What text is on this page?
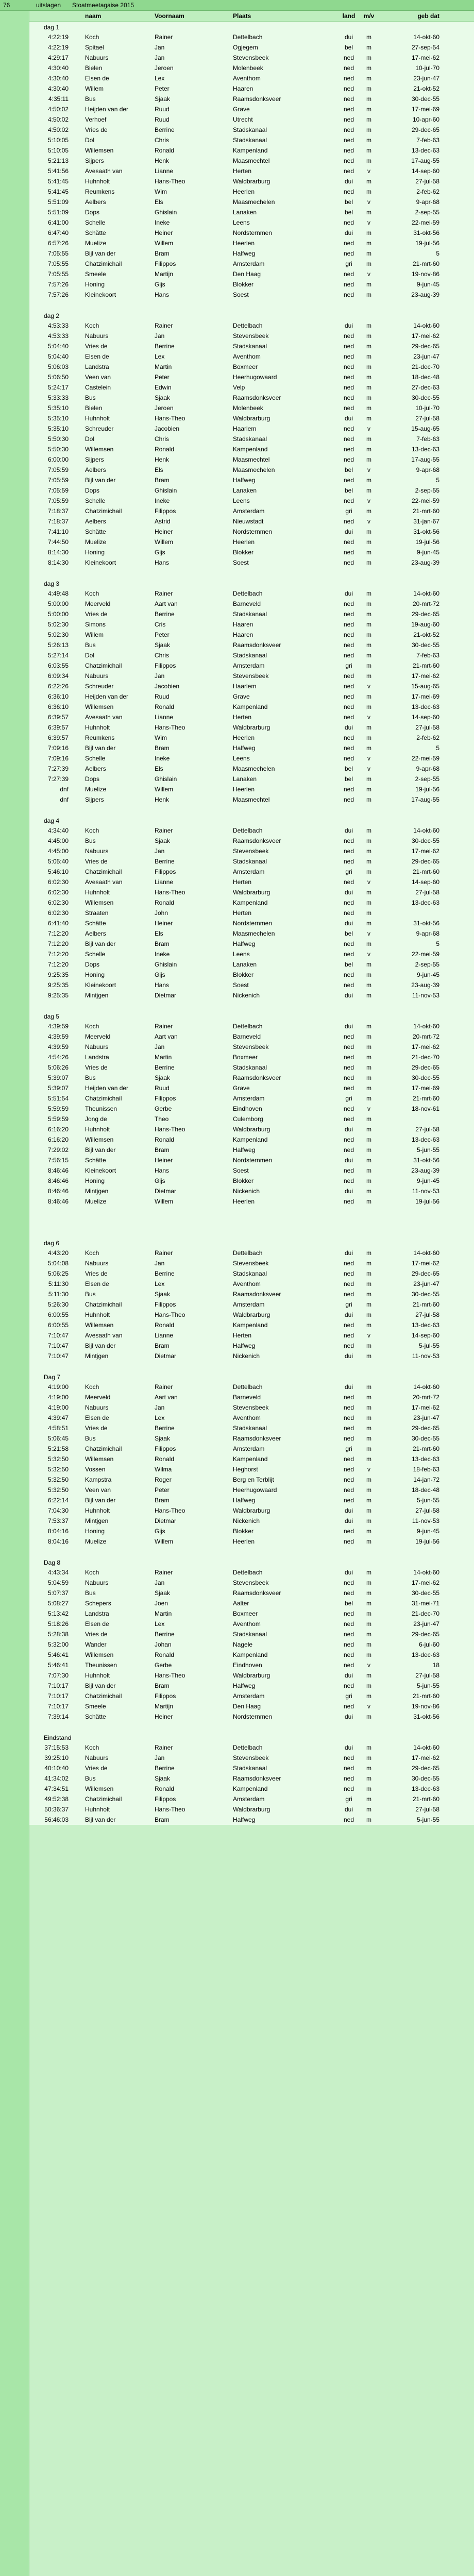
76	uitslagen Stoatmeetagaise 2015
naam	Voornaam	Plaats	land	m/v	geb dat
dag 1
4:22:19	Koch	Rainer	Dettelbach	dui	m	14-okt-60
4:22:19	Spitael	Jan	Ogjegem	bel	m	27-sep-54
4:29:17	Nabuurs	Jan	Stevensbeek	ned	m	17-mei-62
4:30:40	Bielen	Jeroen	Molenbeek	ned	m	10-jul-70
4:30:40	Elsen de	Lex	Aventhom	ned	m	23-jun-47
4:30:40	Willem	Peter	Haaren	ned	m	21-okt-52
4:35:11	Bus	Sjaak	Raamsdonksveer	ned	m	30-dec-55
4:50:02	Heijden van der	Ruud	Grave	ned	m	17-mei-69
4:50:02	Verhoef	Ruud	Utrecht	ned	m	10-apr-60
4:50:02	Vries de	Berrine	Stadskanaal	ned	m	29-dec-65
5:10:05	Dol	Chris	Stadskanaal	ned	m	7-feb-63
5:10:05	Willemsen	Ronald	Kampenland	ned	m	13-dec-63
5:21:13	Sijpers	Henk	Maasmechtel	ned	m	17-aug-55
5:41:56	Avesaath van	Lianne	Herten	ned	v	14-sep-60
5:41:45	Huhnholt	Hans-Theo	Waldbrarburg	dui	m	27-jul-58
5:41:45	Reumkens	Wim	Heerlen	ned	m	2-feb-62
5:51:09	Aelbers	Els	Maasmechelen	bel	v	9-apr-68
5:51:09	Dops	Ghislain	Lanaken	bel	m	2-sep-55
6:41:00	Schelle	Ineke	Leens	ned	v	22-mei-59
6:47:40	Schätte	Heiner	Nordsternmen	dui	m	31-okt-56
6:57:26	Muelize	Willem	Heerlen	ned	m	19-jul-56
7:05:55	Bijl van der	Bram	Halfweg	ned	m	5
7:05:55	Chatzimichail	Filippos	Amsterdam	gri	m	21-mrt-60
7:05:55	Smeele	Martijn	Den Haag	ned	v	19-nov-86
7:57:26	Honing	Gijs	Blokker	ned	m	9-jun-45
7:57:26	Kleinekoort	Hans	Soest	ned	m	23-aug-39
dag 2
4:53:33	Koch	Rainer	Dettelbach	dui	m	14-okt-60
4:53:33	Nabuurs	Jan	Stevensbeek	ned	m	17-mei-62
5:04:40	Vries de	Berrine	Stadskanaal	ned	m	29-dec-65
5:04:40	Elsen de	Lex	Aventhom	ned	m	23-jun-47
5:06:03	Landstra	Martin	Boxmeer	ned	m	21-dec-70
5:06:50	Veen van	Peter	Heerhugowaard	ned	m	18-dec-48
5:24:17	Castelein	Edwin	Velp	ned	m	27-dec-63
5:33:33	Bus	Sjaak	Raamsdonksveer	ned	m	30-dec-55
5:35:10	Bielen	Jeroen	Molenbeek	ned	m	10-jul-70
5:35:10	Huhnholt	Hans-Theo	Waldbrarburg	dui	m	27-jul-58
5:35:10	Schreuder	Jacobien	Haarlem	ned	v	15-aug-65
5:50:30	Dol	Chris	Stadskanaal	ned	m	7-feb-63
5:50:30	Willemsen	Ronald	Kampenland	ned	m	13-dec-63
6:00:00	Sijpers	Henk	Maasmechtel	ned	m	17-aug-55
7:05:59	Aelbers	Els	Maasmechelen	bel	v	9-apr-68
7:05:59	Bijl van der	Bram	Halfweg	ned	m	5
7:05:59	Dops	Ghislain	Lanaken	bel	m	2-sep-55
7:05:59	Schelle	Ineke	Leens	ned	v	22-mei-59
7:18:37	Chatzimichail	Filippos	Amsterdam	gri	m	21-mrt-60
7:18:37	Aelbers	Astrid	Nieuwstadt	ned	v	31-jan-67
7:41:10	Schätte	Heiner	Nordsternmen	dui	m	31-okt-56
7:44:50	Muelize	Willem	Heerlen	ned	m	19-jul-56
8:14:30	Honing	Gijs	Blokker	ned	m	9-jun-45
8:14:30	Kleinekoort	Hans	Soest	ned	m	23-aug-39
dag 3
4:49:48	Koch	Rainer	Dettelbach	dui	m	14-okt-60
5:00:00	Meerveld	Aart van	Barneveld	ned	m	20-mrt-72
5:00:00	Vries de	Berrine	Stadskanaal	ned	m	29-dec-65
5:02:30	Simons	Cris	Haaren	ned	m	19-aug-60
5:02:30	Willem	Peter	Haaren	ned	m	21-okt-52
5:26:13	Bus	Sjaak	Raamsdonksveer	ned	m	30-dec-55
5:27:14	Dol	Chris	Stadskanaal	ned	m	7-feb-63
6:03:55	Chatzimichail	Filippos	Amsterdam	gri	m	21-mrt-60
6:09:34	Nabuurs	Jan	Stevensbeek	ned	m	17-mei-62
6:22:26	Schreuder	Jacobien	Haarlem	ned	v	15-aug-65
6:36:10	Heijden van der	Ruud	Grave	ned	m	17-mei-69
6:36:10	Willemsen	Ronald	Kampenland	ned	m	13-dec-63
6:39:57	Avesaath van	Lianne	Herten	ned	v	14-sep-60
6:39:57	Huhnholt	Hans-Theo	Waldbrarburg	dui	m	27-jul-58
6:39:57	Reumkens	Wim	Heerlen	ned	m	2-feb-62
7:09:16	Bijl van der	Bram	Halfweg	ned	m	5
7:09:16	Schelle	Ineke	Leens	ned	v	22-mei-59
7:27:39	Aelbers	Els	Maasmechelen	bel	v	9-apr-68
7:27:39	Dops	Ghislain	Lanaken	bel	m	2-sep-55
dnf	Muelize	Willem	Heerlen	ned	m	19-jul-56
dnf	Sijpers	Henk	Maasmechtel	ned	m	17-aug-55
dag 4
4:34:40	Koch	Rainer	Dettelbach	dui	m	14-okt-60
4:45:00	Bus	Sjaak	Raamsdonksveer	ned	m	30-dec-55
4:45:00	Nabuurs	Jan	Stevensbeek	ned	m	17-mei-62
5:05:40	Vries de	Berrine	Stadskanaal	ned	m	29-dec-65
5:46:10	Chatzimichail	Filippos	Amsterdam	gri	m	21-mrt-60
6:02:30	Avesaath van	Lianne	Herten	ned	v	14-sep-60
6:02:30	Huhnholt	Hans-Theo	Waldbrarburg	dui	m	27-jul-58
6:02:30	Willemsen	Ronald	Kampenland	ned	m	13-dec-63
6:02:30	Straaten	John	Herten	ned	m
6:41:40	Schätte	Heiner	Nordsternmen	dui	m	31-okt-56
7:12:20	Aelbers	Els	Maasmechelen	bel	v	9-apr-68
7:12:20	Bijl van der	Bram	Halfweg	ned	m	5
7:12:20	Schelle	Ineke	Leens	ned	v	22-mei-59
7:12:20	Dops	Ghislain	Lanaken	bel	m	2-sep-55
9:25:35	Honing	Gijs	Blokker	ned	m	9-jun-45
9:25:35	Kleinekoort	Hans	Soest	ned	m	23-aug-39
9:25:35	Mintjgen	Dietmar	Nickenich	dui	m	11-nov-53
dag 5
4:39:59	Koch	Rainer	Dettelbach	dui	m	14-okt-60
4:39:59	Meerveld	Aart van	Barneveld	ned	m	20-mrt-72
4:39:59	Nabuurs	Jan	Stevensbeek	ned	m	17-mei-62
4:54:26	Landstra	Martin	Boxmeer	ned	m	21-dec-70
5:06:26	Vries de	Berrine	Stadskanaal	ned	m	29-dec-65
5:39:07	Bus	Sjaak	Raamsdonksveer	ned	m	30-dec-55
5:39:07	Heijden van der	Ruud	Grave	ned	m	17-mei-69
5:51:54	Chatzimichail	Filippos	Amsterdam	gri	m	21-mrt-60
5:59:59	Theunissen	Gerbe	Eindhoven	ned	v	18-nov-61
5:59:59	Jong de	Theo	Culemborg	ned	m
6:16:20	Huhnholt	Hans-Theo	Waldbrarburg	dui	m	27-jul-58
6:16:20	Willemsen	Ronald	Kampenland	ned	m	13-dec-63
7:29:02	Bijl van der	Bram	Halfweg	ned	m	5-jun-55
7:56:15	Schätte	Heiner	Nordsternmen	dui	m	31-okt-56
8:46:46	Kleinekoort	Hans	Soest	ned	m	23-aug-39
8:46:46	Honing	Gijs	Blokker	ned	m	9-jun-45
8:46:46	Mintjgen	Dietmar	Nickenich	dui	m	11-nov-53
8:46:46	Muelize	Willem	Heerlen	ned	m	19-jul-56
dag 6
4:43:20	Koch	Rainer	Dettelbach	dui	m	14-okt-60
5:04:08	Nabuurs	Jan	Stevensbeek	ned	m	17-mei-62
5:06:25	Vries de	Berrine	Stadskanaal	ned	m	29-dec-65
5:11:30	Elsen de	Lex	Aventhom	ned	m	23-jun-47
5:11:30	Bus	Sjaak	Raamsdonksveer	ned	m	30-dec-55
5:26:30	Chatzimichail	Filippos	Amsterdam	gri	m	21-mrt-60
6:00:55	Huhnholt	Hans-Theo	Waldbrarburg	dui	m	27-jul-58
6:00:55	Willemsen	Ronald	Kampenland	ned	m	13-dec-63
7:10:47	Avesaath van	Lianne	Herten	ned	v	14-sep-60
7:10:47	Bijl van der	Bram	Halfweg	ned	m	5-jul-55
7:10:47	Mintjgen	Dietmar	Nickenich	dui	m	11-nov-53
Dag 7
4:19:00	Koch	Rainer	Dettelbach	dui	m	14-okt-60
4:19:00	Meerveld	Aart van	Barneveld	ned	m	20-mrt-72
4:19:00	Nabuurs	Jan	Stevensbeek	ned	m	17-mei-62
4:39:47	Elsen de	Lex	Aventhom	ned	m	23-jun-47
4:58:51	Vries de	Berrine	Stadskanaal	ned	m	29-dec-65
5:06:45	Bus	Sjaak	Raamsdonksveer	ned	m	30-dec-55
5:21:58	Chatzimichail	Filippos	Amsterdam	gri	m	21-mrt-60
5:32:50	Willemsen	Ronald	Kampenland	ned	m	13-dec-63
5:32:50	Vossen	Wilma	Heghorst	ned	v	18-feb-63
5:32:50	Kampstra	Roger	Berg en Terblijt	ned	m	14-jan-72
5:32:50	Veen van	Peter	Heerhugowaard	ned	m	18-dec-48
6:22:14	Bijl van der	Bram	Halfweg	ned	m	5-jun-55
7:04:30	Huhnholt	Hans-Theo	Waldbrarburg	dui	m	27-jul-58
7:53:37	Mintjgen	Dietmar	Nickenich	dui	m	11-nov-53
8:04:16	Honing	Gijs	Blokker	ned	m	9-jun-45
8:04:16	Muelize	Willem	Heerlen	ned	m	19-jul-56
Dag 8
4:43:34	Koch	Rainer	Dettelbach	dui	m	14-okt-60
5:04:59	Nabuurs	Jan	Stevensbeek	ned	m	17-mei-62
5:07:37	Bus	Sjaak	Raamsdonksveer	ned	m	30-dec-55
5:08:27	Schepers	Joen	Aalter	bel	m	31-mei-71
5:13:42	Landstra	Martin	Boxmeer	ned	m	21-dec-70
5:18:26	Elsen de	Lex	Aventhom	ned	m	23-jun-47
5:28:38	Vries de	Berrine	Stadskanaal	ned	m	29-dec-65
5:32:00	Wander	Johan	Nagele	ned	m	6-jul-60
5:46:41	Willemsen	Ronald	Kampenland	ned	m	13-dec-63
5:46:41	Theunissen	Gerbe	Eindhoven	ned	v	18
7:07:30	Huhnholt	Hans-Theo	Waldbrarburg	dui	m	27-jul-58
7:10:17	Bijl van der	Bram	Halfweg	ned	m	5-jun-55
7:10:17	Chatzimichail	Filippos	Amsterdam	gri	m	21-mrt-60
7:10:17	Smeele	Martijn	Den Haag	ned	v	19-nov-86
7:39:14	Schätte	Heiner	Nordsternmen	dui	m	31-okt-56
Eindstand
37:15:53	Koch	Rainer	Dettelbach	dui	m	14-okt-60
39:25:10	Nabuurs	Jan	Stevensbeek	ned	m	17-mei-62
40:10:40	Vries de	Berrine	Stadskanaal	ned	m	29-dec-65
41:34:02	Bus	Sjaak	Raamsdonksveer	ned	m	30-dec-55
47:34:51	Willemsen	Ronald	Kampenland	ned	m	13-dec-63
49:52:38	Chatzimichail	Filippos	Amsterdam	gri	m	21-mrt-60
50:36:37	Huhnholt	Hans-Theo	Waldbrarburg	dui	m	27-jul-58
56:46:03	Bijl van der	Bram	Halfweg	ned	m	5-jun-55
